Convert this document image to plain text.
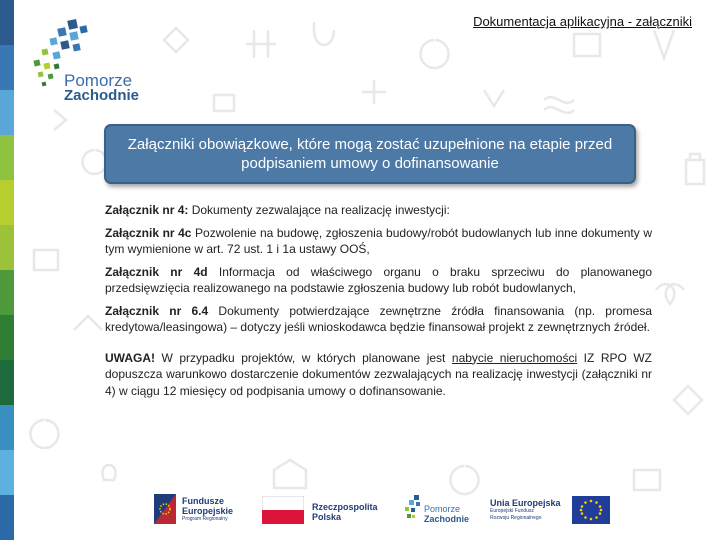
Dokumentacja aplikacyjna - załączniki
Pomorze
Zachodnie
Załączniki obowiązkowe, które mogą zostać uzupełnione na etapie przed podpisaniem umowy o dofinansowanie

Załącznik nr 4: Dokumenty zezwalające na realizację inwestycji:

Załącznik nr 4c Pozwolenie na budowę, zgłoszenia budowy/robót budowlanych lub inne dokumenty w tym wymienione w art. 72 ust. 1 i 1a ustawy OOŚ,

Załącznik nr 4d Informacja od właściwego organu o braku sprzeciwu do planowanego przedsięwzięcia realizowanego na podstawie zgłoszenia budowy lub robót budowlanych,

Załącznik nr 6.4 Dokumenty potwierdzające zewnętrzne źródła finansowania (np. promesa kredytowa/leasingowa) – dotyczy jeśli wnioskodawca będzie finansował projekt z zewnętrznych źródeł.

UWAGA! W przypadku projektów, w których planowane jest nabycie nieruchomości IZ RPO WZ dopuszcza warunkowo dostarczenie dokumentów zezwalających na realizację inwestycji (załączniki nr 4) w ciągu 12 miesięcy od podpisania umowy o dofinansowanie.

Fundusze
Europejskie
Program Regionalny
Rzeczpospolita
Polska
Pomorze
Zachodnie
Unia Europejska
Europejski Fundusz
Rozwoju Regionalnego
